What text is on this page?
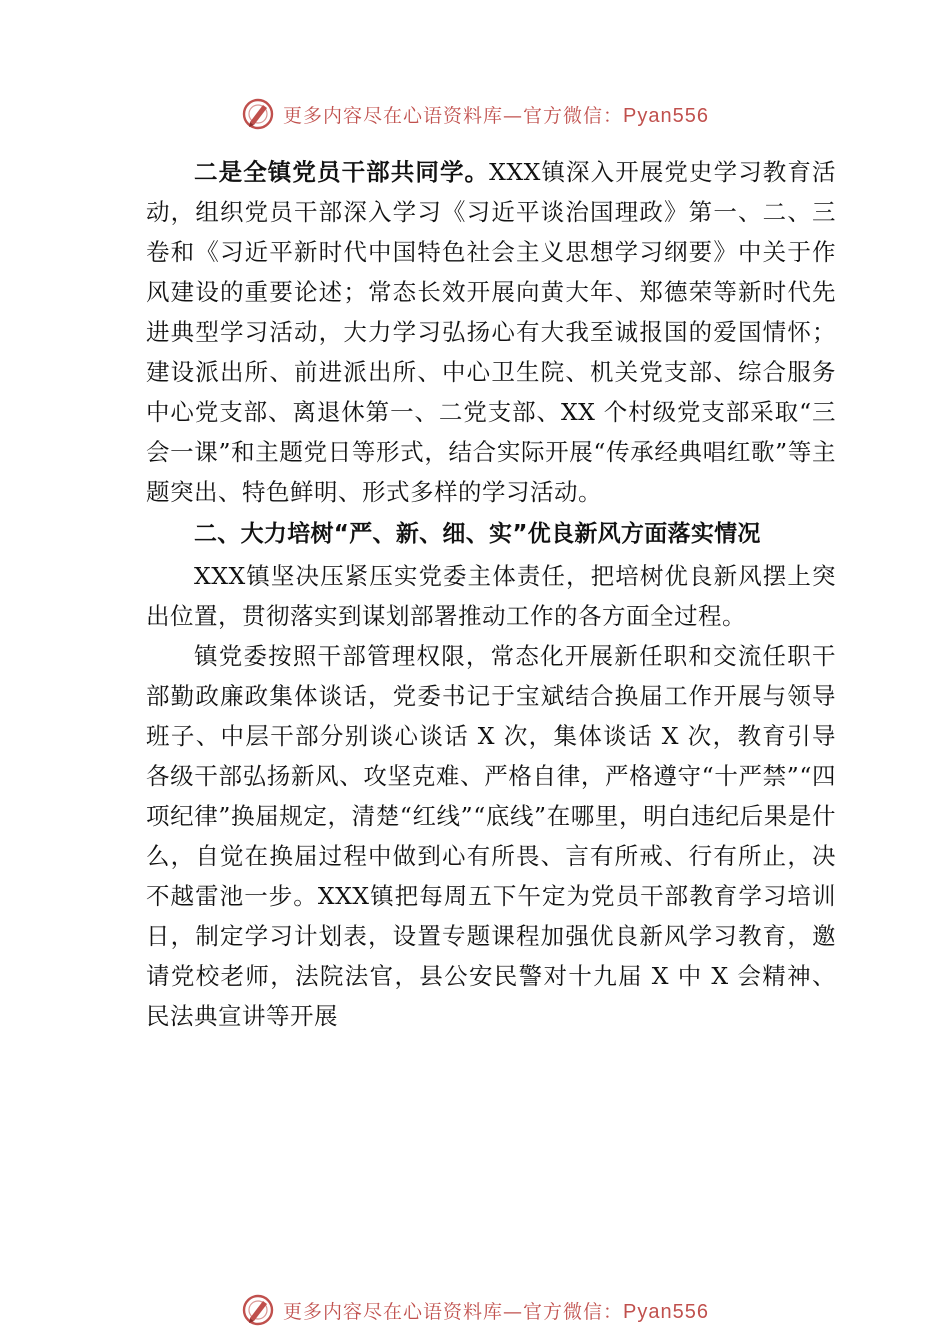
更多内容尽在心语资料库—官方微信：Pyan556

二是全镇党员干部共同学。XXX镇深入开展党史学习教育活动，组织党员干部深入学习《习近平谈治国理政》第一、二、三卷和《习近平新时代中国特色社会主义思想学习纲要》中关于作风建设的重要论述；常态长效开展向黄大年、郑德荣等新时代先进典型学习活动，大力学习弘扬心有大我至诚报国的爱国情怀；建设派出所、前进派出所、中心卫生院、机关党支部、综合服务中心党支部、离退休第一、二党支部、XX 个村级党支部采取“三会一课”和主题党日等形式，结合实际开展“传承经典唱红歌”等主题突出、特色鲜明、形式多样的学习活动。

二、大力培树“严、新、细、实”优良新风方面落实情况

XXX镇坚决压紧压实党委主体责任，把培树优良新风摆上突出位置，贯彻落实到谋划部署推动工作的各方面全过程。

镇党委按照干部管理权限，常态化开展新任职和交流任职干部勤政廉政集体谈话，党委书记于宝斌结合换届工作开展与领导班子、中层干部分别谈心谈话 X 次，集体谈话 X 次，教育引导各级干部弘扬新风、攻坚克难、严格自律，严格遵守“十严禁”“四项纪律”换届规定，清楚“红线”“底线”在哪里，明白违纪后果是什么，自觉在换届过程中做到心有所畏、言有所戒、行有所止，决不越雷池一步。XXX镇把每周五下午定为党员干部教育学习培训日，制定学习计划表，设置专题课程加强优良新风学习教育，邀请党校老师，法院法官，县公安民警对十九届 X 中 X 会精神、民法典宣讲等开展

更多内容尽在心语资料库—官方微信：Pyan556
